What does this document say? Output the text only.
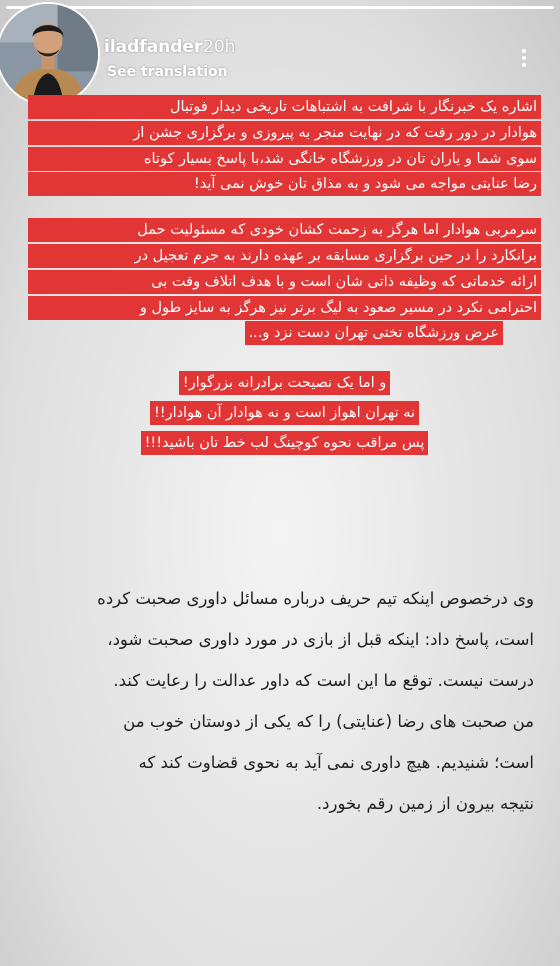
iladfander 20h
See translation
اشاره یک خبرنگار با شرافت به اشتباهات تاریخی دیدار فوتبال
هوادار در دور رفت که در نهایت منجر به پیروزی و برگزاری جشن از
سوی شما و یاران تان در ورزشگاه خانگی شد،با پاسخ بسیار کوتاه
رضا عنایتی مواجه می شود و به مذاق تان خوش نمی آید!
سرمربی هوادار اما هرگز به زحمت کشان خودی که مسئولیت حمل
برانکارد را در حین برگزاری مسابقه بر عهده دارند به جرم تعجیل در
ارائه خدماتی که وظیفه ذاتی شان است و با هدف اتلاف وقت بی
احترامی نکرد در مسیر صعود به لیگ برتر نیز هرگز به سایز طول و
عرض ورزشگاه تختی تهران دست نزد و...
و اما یک نصیحت برادرانه بزرگوار!
نه تهران اهواز است و نه هوادار آن هوادار!!
پس مراقب نحوه کوچینگ لب خط تان باشید!!!
وی درخصوص اینکه تیم حریف درباره مسائل داوری صحبت کرده
است، پاسخ داد: اینکه قبل از بازی در مورد داوری صحبت شود،
درست نیست. توقع ما این است که داور عدالت را رعایت کند.
من صحبت های رضا (عنایتی) را که یکی از دوستان خوب من
است؛ شنیدیم. هیچ داوری نمی آید به نحوی قضاوت کند که
نتیجه بیرون از زمین رقم بخورد.
